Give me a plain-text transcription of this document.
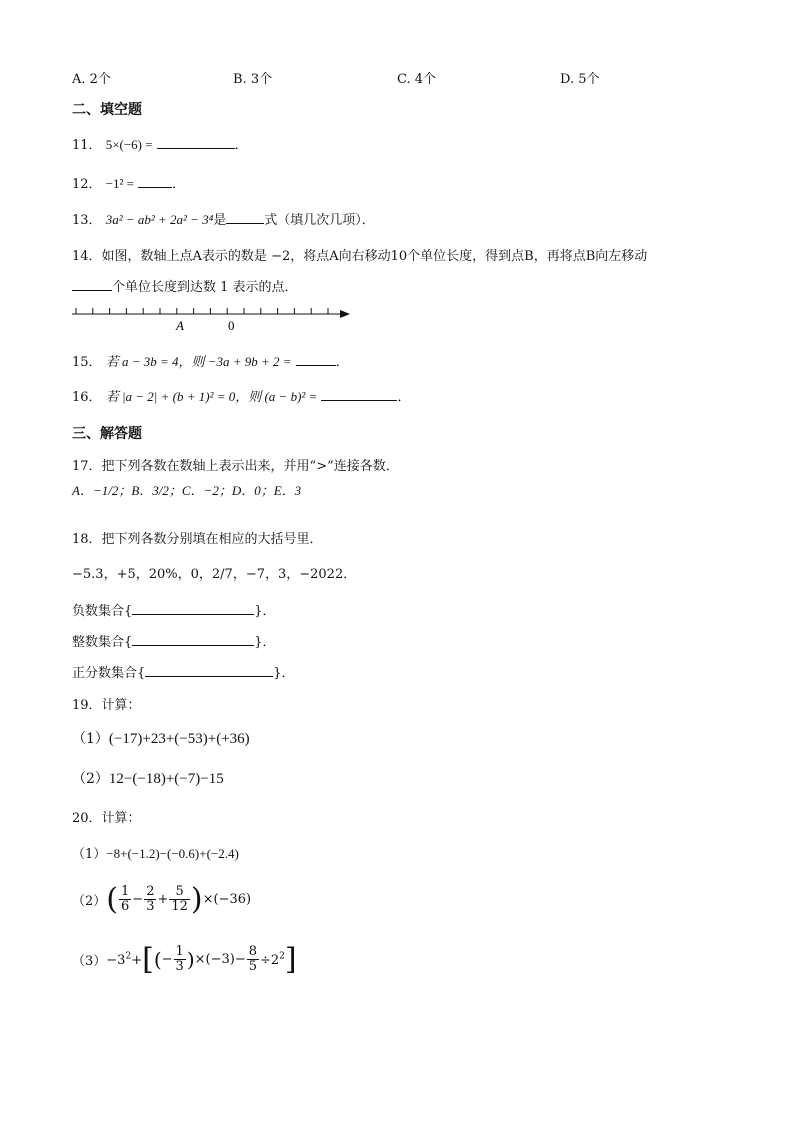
A. 2个	B. 3个	C. 4个	D. 5个
二、填空题
11． 5×(−6) =	．
12． −1² =	．
13． 3a² − ab² + 2a² − 3⁴是	式（填几次几项）．
14．如图，数轴上点A表示的数是 −2，将点A向右移动10个单位长度，得到点B，再将点B向左移动
个单位长度到达数 1 表示的点．
A	0
15． 若 a − 3b = 4，则 −3a + 9b + 2 =	．
16． 若 |a − 2| + (b + 1)² = 0，则 (a − b)² =	．
三、解答题
17．把下列各数在数轴上表示出来，并用“>”连接各数．
A．−1/2；B．3/2；C．−2；D．0；E．3
18．把下列各数分别填在相应的大括号里．
−5.3，+5，20%，0，2/7，−7，3，−2022．
负数集合{	}．
整数集合{	}．
正分数集合{	}．
19．计算：
（1）(−17)+23+(−53)+(+36)
（2）12−(−18)+(−7)−15
20．计算：
（1）−8+(−1.2)−(−0.6)+(−2.4)
$(2)( \frac{1}{6} - \frac{2}{3} + \frac{5}{12} )\times(-36)$
$(3)-3^2+[(- \frac{1}{3} )\times(-3)- \frac{8}{5} \div 2^2]$
